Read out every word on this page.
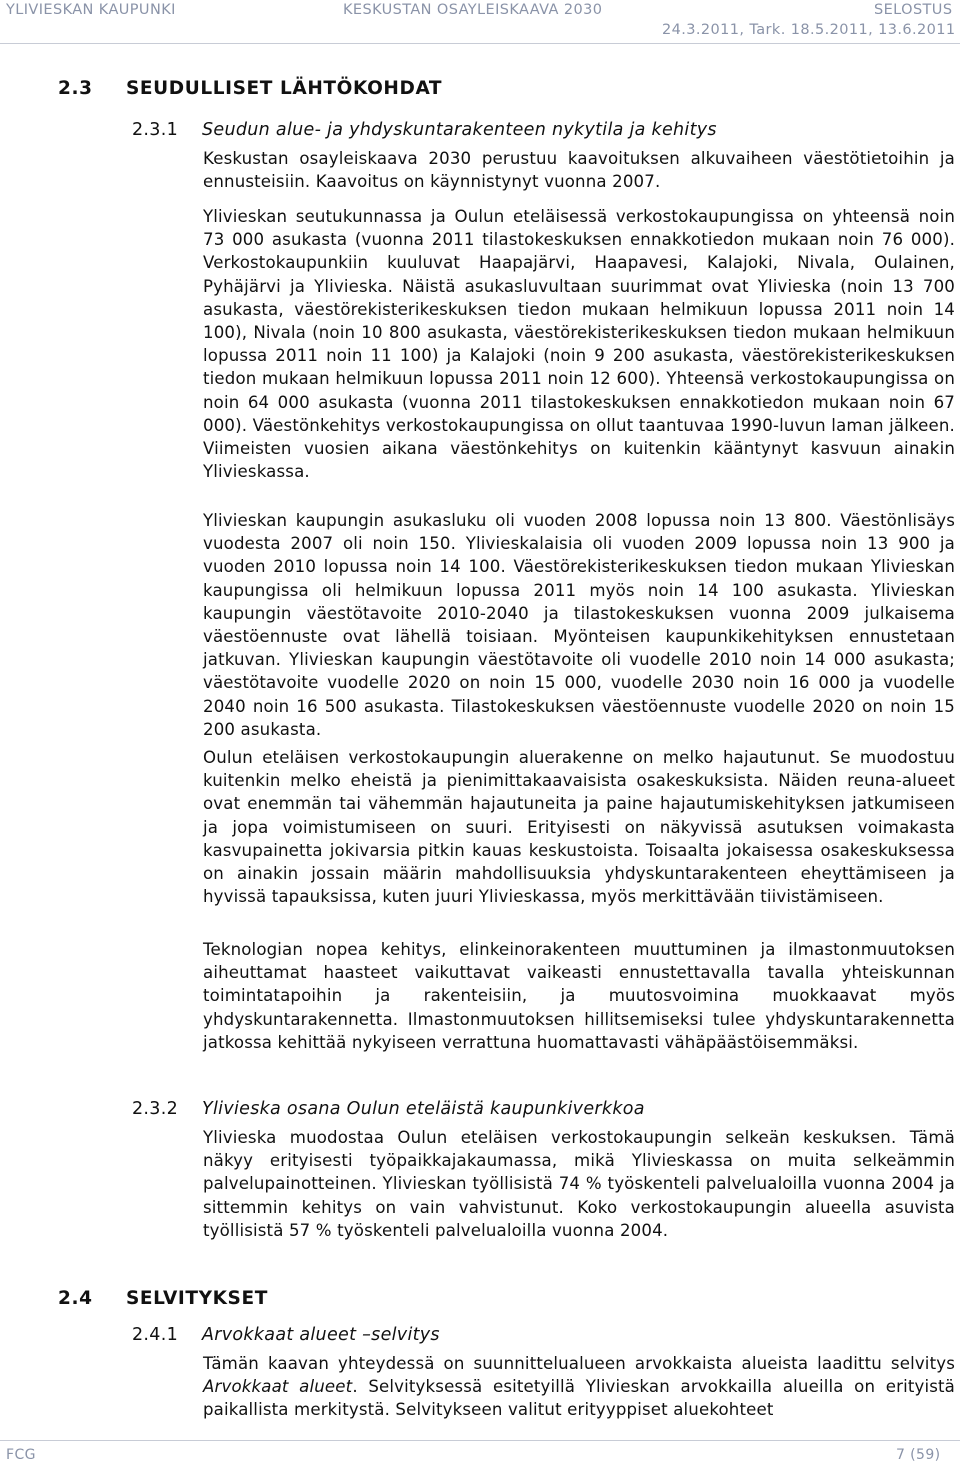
YLIVIESKAN KAUPUNKI	KESKUSTAN OSAYLEISKAAVA 2030	SELOSTUS
24.3.2011, Tark. 18.5.2011, 13.6.2011
2.3 SEUDULLISET LÄHTÖKOHDAT
2.3.1 Seudun alue- ja yhdyskuntarakenteen nykytila ja kehitys
Keskustan osayleiskaavа 2030 perustuu kaavoituksen alkuvaiheen väestötietoihin ja ennusteisiin. Kaavoitus on käynnistynyt vuonna 2007.
Ylivieskan seutukunnassa ja Oulun eteläisessä verkostokaupungissa on yhteensä noin 73 000 asukasta (vuonna 2011 tilastokeskuksen ennakkotiedon mukaan noin 76 000). Verkostokaupunkiin kuuluvat Haapajärvi, Haapavesi, Kalajoki, Nivala, Oulainen, Pyhäjärvi ja Ylivieska. Näistä asukasluvultaan suurimmat ovat Ylivieska (noin 13 700 asukasta, väestörekisterikeskuksen tiedon mukaan helmikuun lopussa 2011 noin 14 100), Nivala (noin 10 800 asukasta, väestörekisterikeskuksen tiedon mukaan helmikuun lopussa 2011 noin 11 100) ja Kalajoki (noin 9 200 asukasta, väestörekisterikeskuksen tiedon mukaan helmikuun lopussa 2011 noin 12 600). Yhteensä verkostokaupungissa on noin 64 000 asukasta (vuonna 2011 tilastokeskuksen ennakkotiedon mukaan noin 67 000). Väestönkehitys verkostokaupungissa on ollut taantuvaa 1990-luvun laman jälkeen. Viimeisten vuosien aikana väestönkehitys on kuitenkin kääntynyt kasvuun ainakin Ylivieskassa.
Ylivieskan kaupungin asukasluku oli vuoden 2008 lopussa noin 13 800. Väestönlisäys vuodesta 2007 oli noin 150. Ylivieskalaisia oli vuoden 2009 lopussa noin 13 900 ja vuoden 2010 lopussa noin 14 100. Väestörekisterikeskuksen tiedon mukaan Ylivieskan kaupungissa oli helmikuun lopussa 2011 myös noin 14 100 asukasta. Ylivieskan kaupungin väestötavoite 2010-2040 ja tilastokeskuksen vuonna 2009 julkaisema väestöennuste ovat lähellä toisiaan. Myönteisen kaupunkikehityksen ennustetaan jatkuvan. Ylivieskan kaupungin väestötavoite oli vuodelle 2010 noin 14 000 asukasta; väestötavoite vuodelle 2020 on noin 15 000, vuodelle 2030 noin 16 000 ja vuodelle 2040 noin 16 500 asukasta. Tilastokeskuksen väestöennuste vuodelle 2020 on noin 15 200 asukasta.
Oulun eteläisen verkostokaupungin aluerakenne on melko hajautunut. Se muodostuu kuitenkin melko eheistä ja pienimittakaavaisista osakeskuksista. Näiden reuna-alueet ovat enemmän tai vähemmän hajautuneita ja paine hajautumiskehityksen jatkumiseen ja jopa voimistumiseen on suuri. Erityisesti on näkyvissä asutuksen voimakasta kasvupainetta jokivarsia pitkin kauas keskustoista. Toisaalta jokaisessa osakeskuksessa on ainakin jossain määrin mahdollisuuksia yhdyskuntarakenteen eheyttämiseen ja hyvissä tapauksissa, kuten juuri Ylivieskassa, myös merkittävään tiivistämiseen.
Teknologian nopea kehitys, elinkeinorakenteen muuttuminen ja ilmastonmuutoksen aiheuttamat haasteet vaikuttavat vaikeasti ennustettavalla tavalla yhteiskunnan toimintatapoihin ja rakenteisiin, ja muutosvoimina muokkaavat myös yhdyskuntarakennetta. Ilmastonmuutoksen hillitsemiseksi tulee yhdyskuntarakennetta jatkossa kehittää nykyiseen verrattuna huomattavasti vähäpäästöisemmäksi.
2.3.2 Ylivieska osana Oulun eteläistä kaupunkiverkkoa
Ylivieska muodostaa Oulun eteläisen verkostokaupungin selkeän keskuksen. Tämä näkyy erityisesti työpaikkajakaumassa, mikä Ylivieskassa on muita selkeämmin palvelupainotteinen. Ylivieskan työllisistä 74 % työskenteli palvelualoilla vuonna 2004 ja sittemmin kehitys on vain vahvistunut. Koko verkostokaupungin alueella asuvista työllisistä 57 % työskenteli palvelualoilla vuonna 2004.
2.4 SELVITYKSET
2.4.1 Arvokkaat alueet –selvitys
Tämän kaavan yhteydessä on suunnittelualueen arvokkaista alueista laadittu selvitys Arvokkaat alueet. Selvityksessä esitetyillä Ylivieskan arvokkailla alueilla on erityistä paikallista merkitystä. Selvitykseen valitut erityyppiset aluekohteet
FCG	7 (59)
